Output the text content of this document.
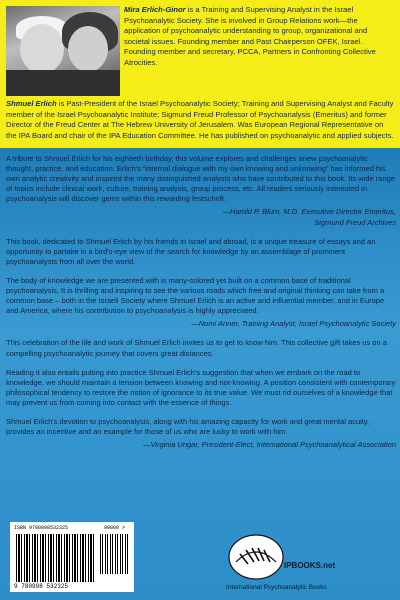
Mira Erlich-Ginor is a Training and Supervising Analyst in the Israel Psychoanalytic Society. She is involved in Group Relations work—the application of psychoanalytic understanding to group, organizational and societal issues. Founding member and Past Chairperson OFEK, Israel. Founding member and secretary, PCCA, Partners in Confronting Collective Atrocities.
Shmuel Erlich is Past-President of the Israel Psychoanalytic Society; Training and Supervising Analyst and Faculty member of the Israel Psychoanalytic Institute; Sigmund Freud Professor of Psychoanalysis (Emeritus) and former Director of the Freud Center at The Hebrew University of Jerusalem. Was European Regional Representative on the IPA Board and chair of the IPA Education Committee. He has published on psychoanalytic and applied subjects.

A tribute to Shmuel Erlich for his eightieth birthday, this volume explores and challenges anew psychoanalytic thought, practice, and education. Erlich's “internal dialogue with my own knowing and unknowing” has informed his own analytic creativity and inspired the many distinguished analysts who have contributed to this book. Its wide range of topics include clinical work, culture, training analysis, group process, etc. All readers seriously interested in psychoanalysis will discover gems within this rewarding festschrift.

—Harold P. Blum, M.D. Executive Director Emeritus,
Sigmund Freud Archives

This book, dedicated to Shmuel Erlich by his friends in Israel and abroad, is a unique treasure of essays and an opportunity to partake in a bird's-eye view of the search for knowledge by an assemblage of prominent psychoanalysts from all over the world.

The body of knowledge we are presented with is many-colored yet built on a common base of traditional psychoanalysis. It is thrilling and inspiring to see the various roads which free and original thinking can take from a common base – both in the Israeli Society where Shmuel Erlich is an active and influential member, and in Europe and America, where his contribution to psychoanalysis is highly appreciated.

—Nomi Anner, Training Analyst, Israel Psychoanalytic Society

This celebration of the life and work of Shmuel Erlich invites us to get to know him. This collective gift takes us on a compelling psychoanalytic journey that covers great distances.

Reading it also entails putting into practice Shmuel Erlich's suggestion that when we embark on the road to knowledge, we should maintain a tension between knowing and not-knowing. A position consistent with contemporary philosophical tendency to restore the notion of ignorance to its true value. We must rid ourselves of a knowledge that may prevent us from coming into contact with the essence of things.

Shmuel Erlich's devotion to psychoanalysis, along with his amazing capacity for work and great mental acuity, provides an incentive and an example for those of us who are lucky to work with him.

—Virginia Ungar, President-Elect, International Psychoanalytical Association

ISBN 9780998532325	90000 >
9 780998 532325
IPBOOKS.net
International Psychoanalytic Books
